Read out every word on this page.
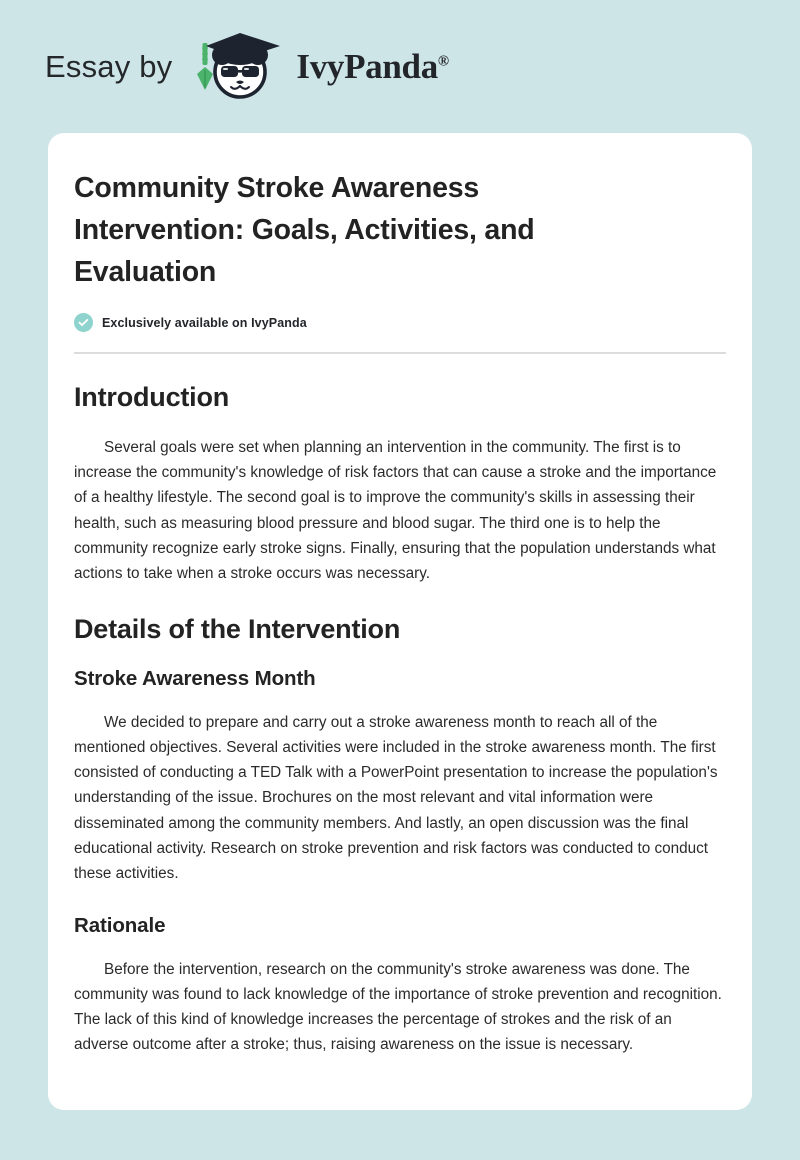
Essay by	IvyPanda®
Community Stroke Awareness Intervention: Goals, Activities, and Evaluation
Exclusively available on IvyPanda
Introduction

Several goals were set when planning an intervention in the community. The first is to increase the community's knowledge of risk factors that can cause a stroke and the importance of a healthy lifestyle. The second goal is to improve the community's skills in assessing their health, such as measuring blood pressure and blood sugar. The third one is to help the community recognize early stroke signs. Finally, ensuring that the population understands what actions to take when a stroke occurs was necessary.

Details of the Intervention
Stroke Awareness Month

We decided to prepare and carry out a stroke awareness month to reach all of the mentioned objectives. Several activities were included in the stroke awareness month. The first consisted of conducting a TED Talk with a PowerPoint presentation to increase the population's understanding of the issue. Brochures on the most relevant and vital information were disseminated among the community members. And lastly, an open discussion was the final educational activity. Research on stroke prevention and risk factors was conducted to conduct these activities.

Rationale

Before the intervention, research on the community's stroke awareness was done. The community was found to lack knowledge of the importance of stroke prevention and recognition. The lack of this kind of knowledge increases the percentage of strokes and the risk of an adverse outcome after a stroke; thus, raising awareness on the issue is necessary.
